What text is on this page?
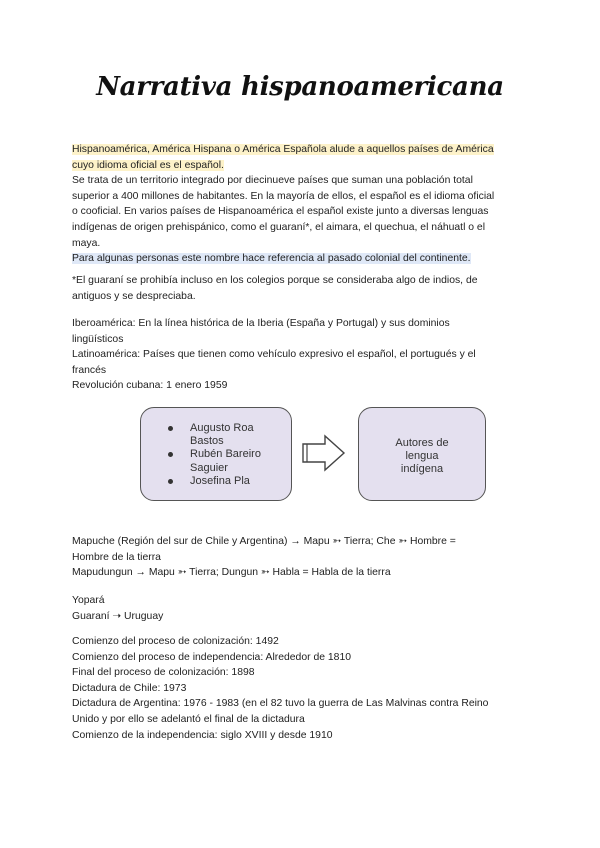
Narrativa hispanoamericana
Hispanoamérica, América Hispana o América Española alude a aquellos países de América
cuyo idioma oficial es el español.
Se trata de un territorio integrado por diecinueve países que suman una población total
superior a 400 millones de habitantes. En la mayoría de ellos, el español es el idioma oficial
o cooficial. En varios países de Hispanoamérica el español existe junto a diversas lenguas
indígenas de origen prehispánico, como el guaraní*, el aimara, el quechua, el náhuatl o el
maya.
Para algunas personas este nombre hace referencia al pasado colonial del continente.
*El guaraní se prohibía incluso en los colegios porque se consideraba algo de indios, de
antiguos y se despreciaba.
Iberoamérica: En la línea histórica de la Iberia (España y Portugal) y sus dominios
lingüísticos
Latinoamérica: Países que tienen como vehículo expresivo el español, el portugués y el
francés
Revolución cubana: 1 enero 1959
Augusto Roa
Bastos
Rubén Bareiro
Saguier
Josefina Pla
Autores de
lengua
indígena
Mapuche (Región del sur de Chile y Argentina) → Mapu ➳ Tierra; Che ➳ Hombre =
Hombre de la tierra
Mapudungun → Mapu ➳ Tierra; Dungun ➳ Habla = Habla de la tierra
Yopará
Guaraní ➝ Uruguay
Comienzo del proceso de colonización: 1492
Comienzo del proceso de independencia: Alrededor de 1810
Final del proceso de colonización: 1898
Dictadura de Chile: 1973
Dictadura de Argentina: 1976 - 1983 (en el 82 tuvo la guerra de Las Malvinas contra Reino
Unido y por ello se adelantó el final de la dictadura
Comienzo de la independencia: siglo XVIII y desde 1910
